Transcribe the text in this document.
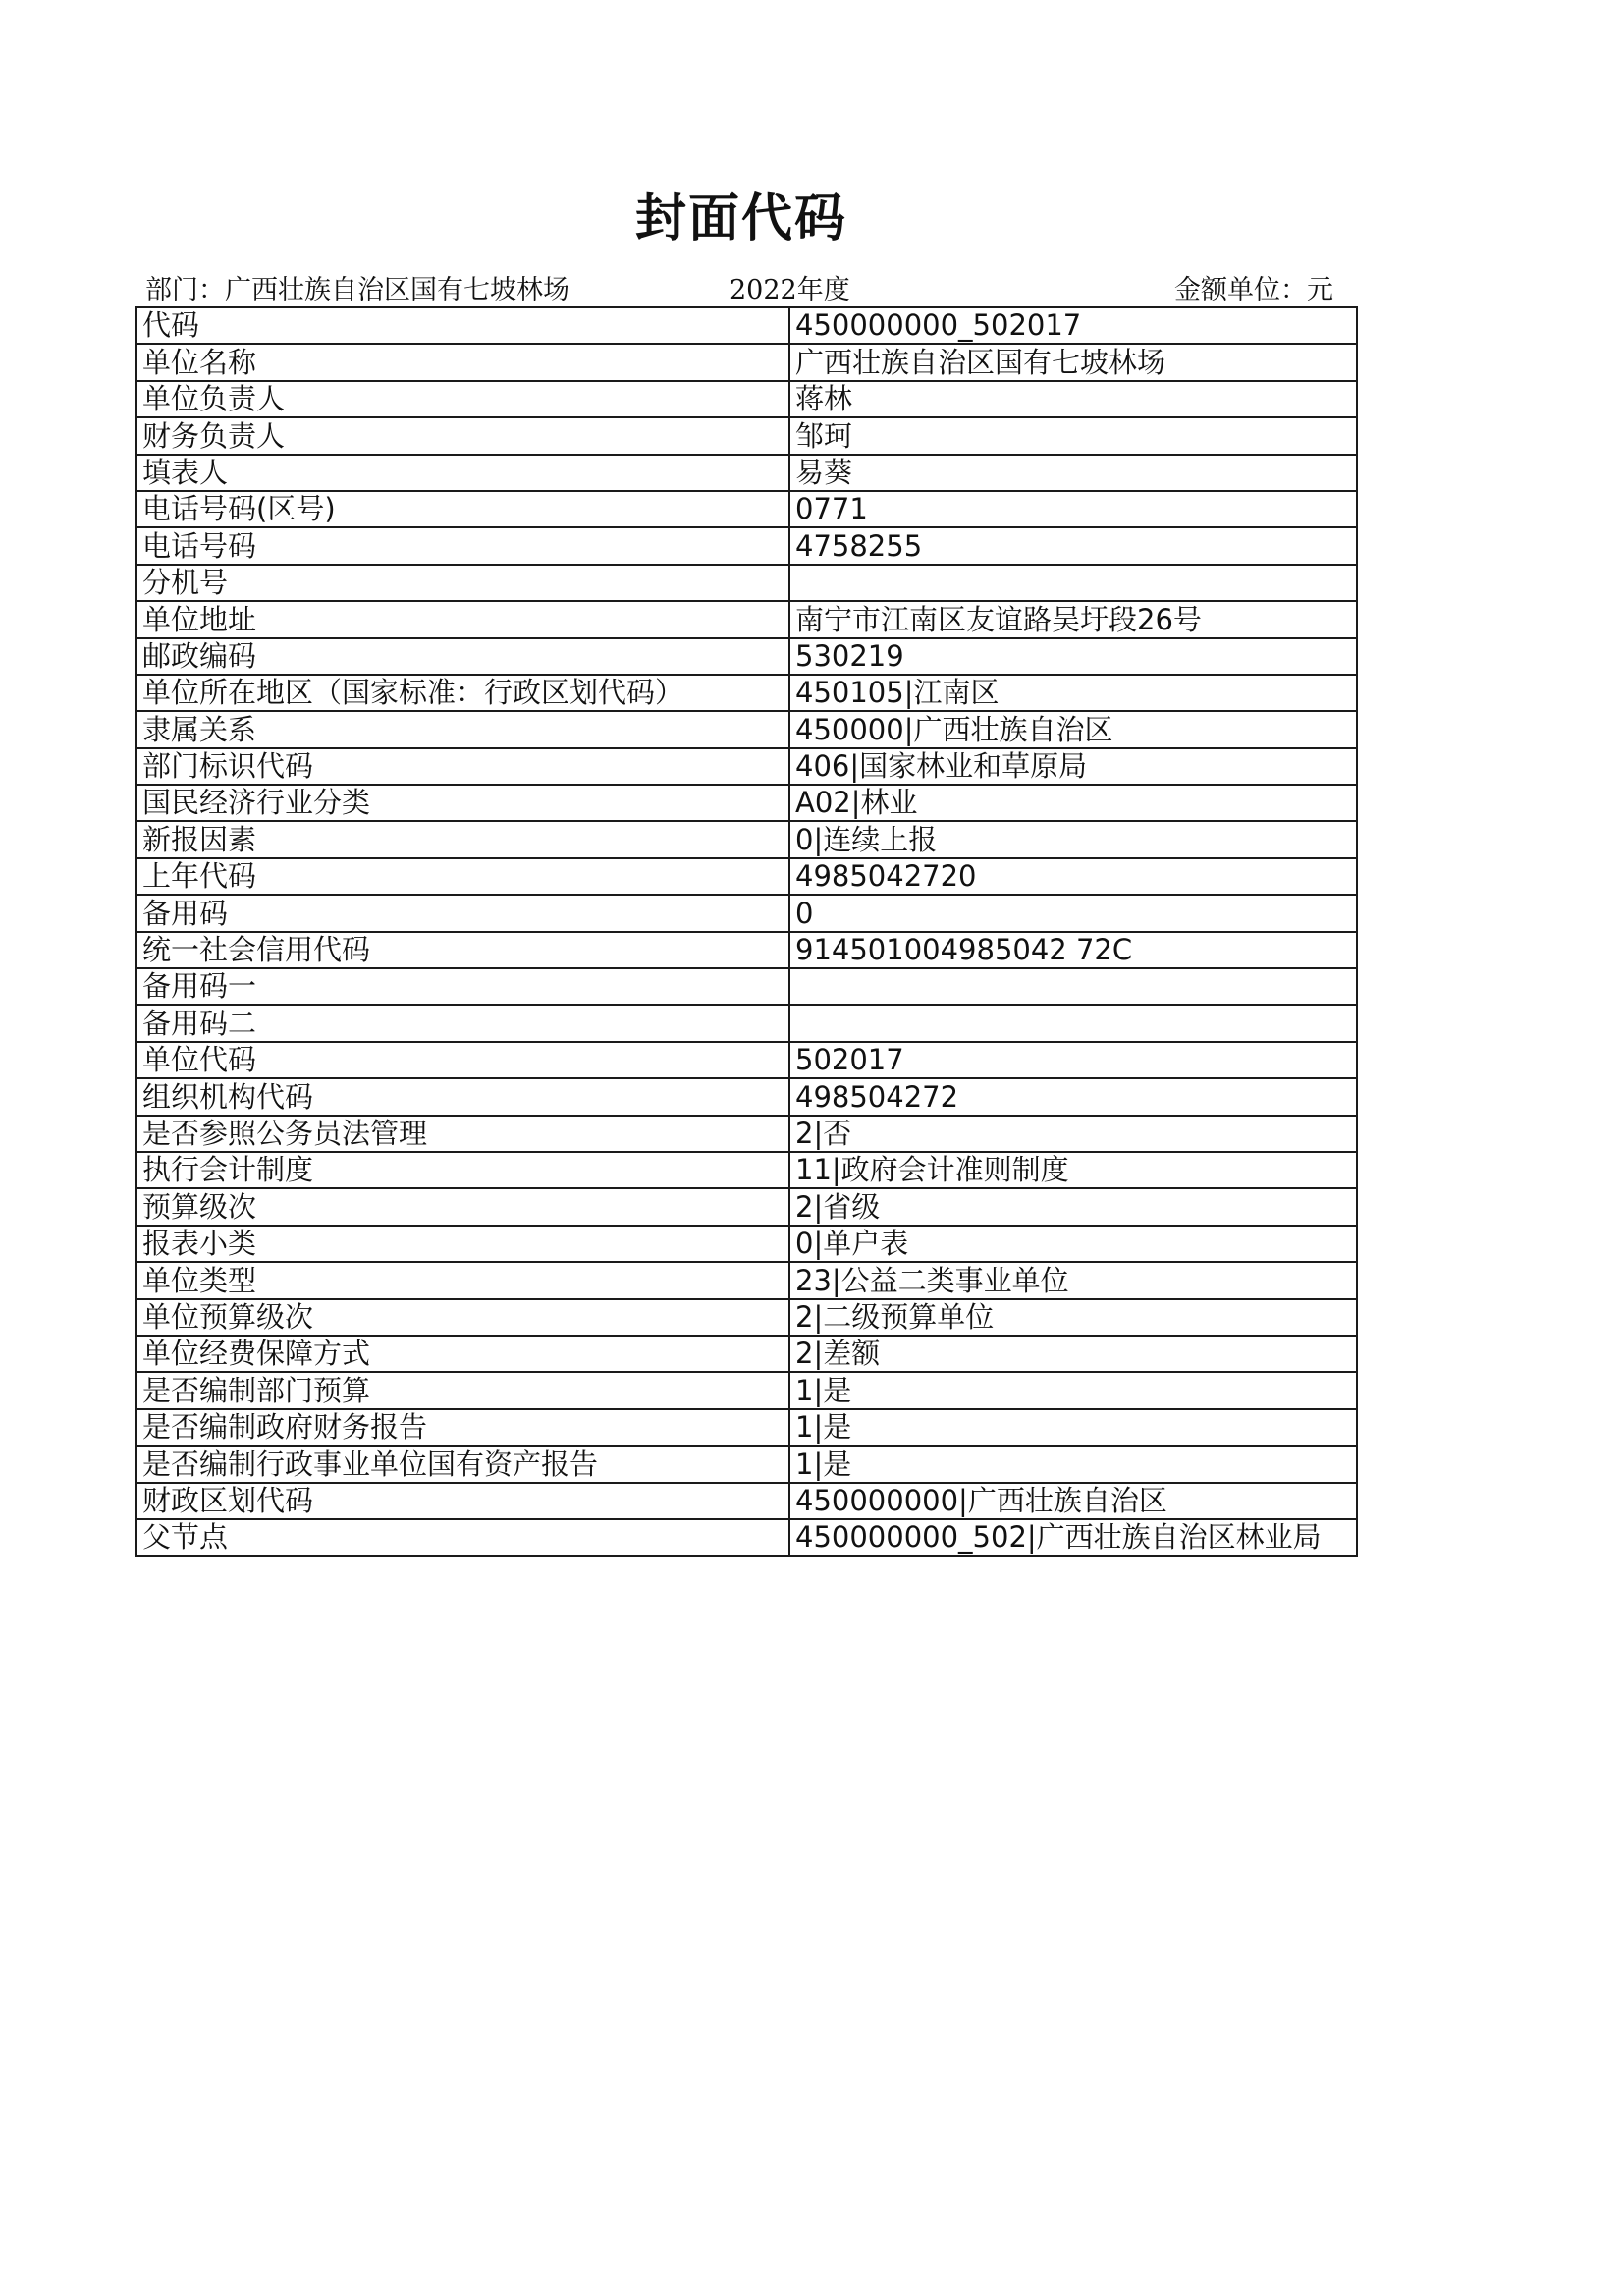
封面代码
部门：广西壮族自治区国有七坡林场	2022年度	金额单位：元
代码	450000000_502017
单位名称	广西壮族自治区国有七坡林场
单位负责人	蒋林
财务负责人	邹珂
填表人	易葵
电话号码(区号)	0771
电话号码	4758255
分机号	
单位地址	南宁市江南区友谊路吴圩段26号
邮政编码	530219
单位所在地区（国家标准：行政区划代码）	450105|江南区
隶属关系	450000|广西壮族自治区
部门标识代码	406|国家林业和草原局
国民经济行业分类	A02|林业
新报因素	0|连续上报
上年代码	4985042720
备用码	0
统一社会信用代码	914501004985042 72C
备用码一	
备用码二	
单位代码	502017
组织机构代码	498504272
是否参照公务员法管理	2|否
执行会计制度	11|政府会计准则制度
预算级次	2|省级
报表小类	0|单户表
单位类型	23|公益二类事业单位
单位预算级次	2|二级预算单位
单位经费保障方式	2|差额
是否编制部门预算	1|是
是否编制政府财务报告	1|是
是否编制行政事业单位国有资产报告	1|是
财政区划代码	450000000|广西壮族自治区
父节点	450000000_502|广西壮族自治区林业局
